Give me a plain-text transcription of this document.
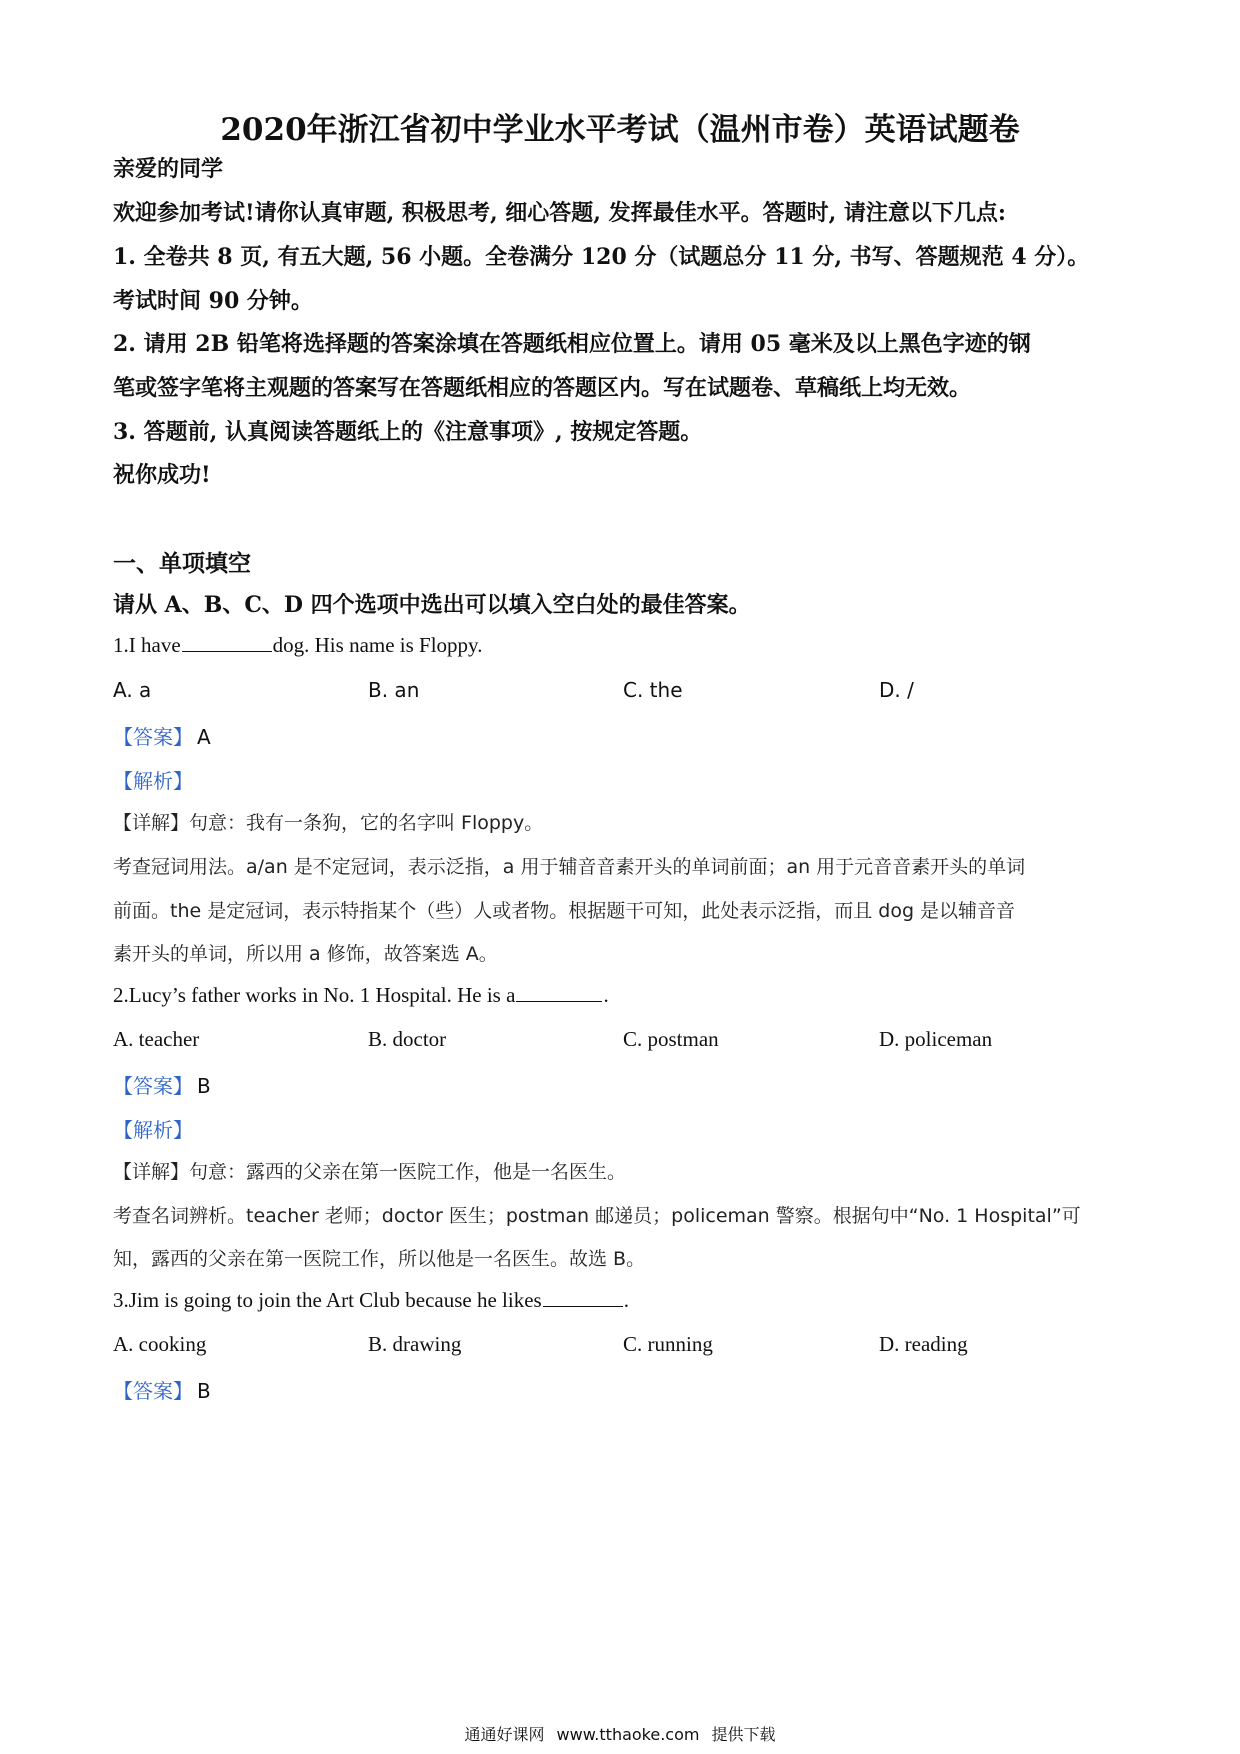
2020年浙江省初中学业水平考试（温州市卷）英语试题卷
亲爱的同学
欢迎参加考试!请你认真审题, 积极思考, 细心答题, 发挥最佳水平。答题时, 请注意以下几点:
1. 全卷共 8 页, 有五大题, 56 小题。全卷满分 120 分（试题总分 11 分, 书写、答题规范 4 分）。
考试时间 90 分钟。
2. 请用 2B 铅笔将选择题的答案涂填在答题纸相应位置上。请用 05 毫米及以上黑色字迹的钢
笔或签字笔将主观题的答案写在答题纸相应的答题区内。写在试题卷、草稿纸上均无效。
3. 答题前, 认真阅读答题纸上的《注意事项》, 按规定答题。
祝你成功!
一、单项填空
请从 A、B、C、D 四个选项中选出可以填入空白处的最佳答案。
1.I have	dog. His name is Floppy.
A. a	B. an	C. the	D. /
【答案】 A
【解析】
【详解】句意：我有一条狗，它的名字叫 Floppy。
考查冠词用法。a/an 是不定冠词，表示泛指，a 用于辅音音素开头的单词前面；an 用于元音音素开头的单词
前面。the 是定冠词，表示特指某个（些）人或者物。根据题干可知，此处表示泛指，而且 dog 是以辅音音
素开头的单词，所以用 a 修饰，故答案选 A。
2.Lucy’s father works in No. 1 Hospital. He is a	.
A. teacher	B. doctor	C. postman	D. policeman
【答案】 B
【解析】
【详解】句意：露西的父亲在第一医院工作，他是一名医生。
考查名词辨析。teacher 老师；doctor 医生；postman 邮递员；policeman 警察。根据句中“No. 1 Hospital”可
知，露西的父亲在第一医院工作，所以他是一名医生。故选 B。
3.Jim is going to join the Art Club because he likes	.
A. cooking	B. drawing	C. running	D. reading
【答案】 B
通通好课网 www.tthaoke.com 提供下载
